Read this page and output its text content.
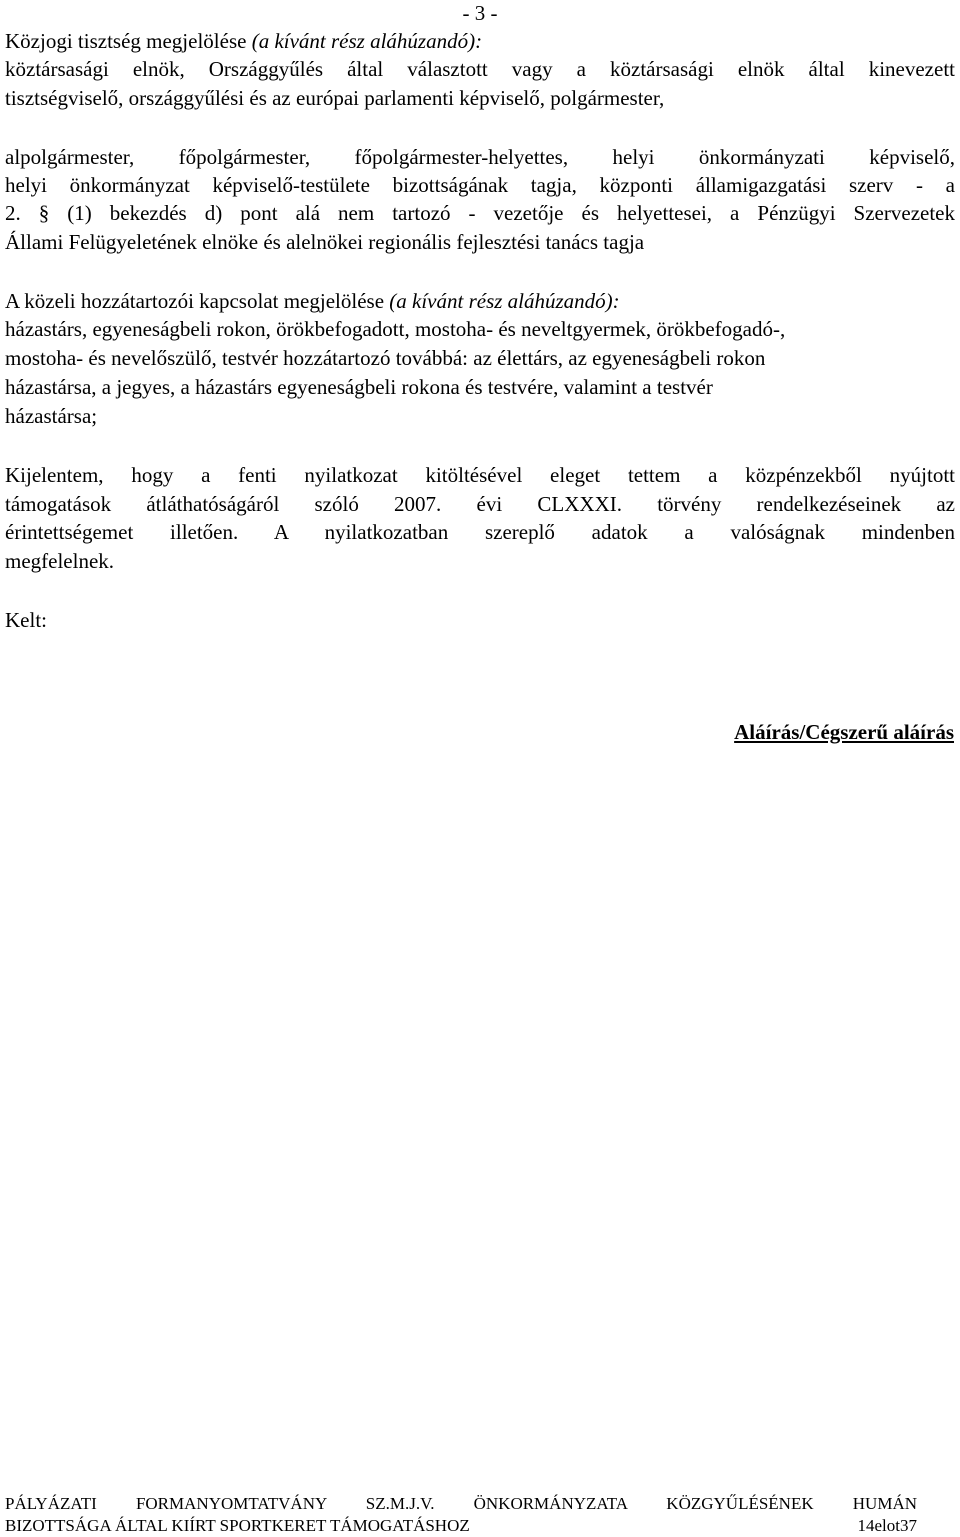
- 3 -
Közjogi tisztség megjelölése (a kívánt rész aláhúzandó):
köztársasági elnök, Országgyűlés által választott vagy a köztársasági elnök által kinevezett
tisztségviselő, országgyűlési és az európai parlamenti képviselő, polgármester,
alpolgármester, főpolgármester, főpolgármester-helyettes, helyi önkormányzati képviselő,
helyi önkormányzat képviselő-testülete bizottságának tagja, központi államigazgatási szerv - a
2. § (1) bekezdés d) pont alá nem tartozó - vezetője és helyettesei, a Pénzügyi Szervezetek
Állami Felügyeletének elnöke és alelnökei regionális fejlesztési tanács tagja
A közeli hozzátartozói kapcsolat megjelölése (a kívánt rész aláhúzandó):
házastárs, egyeneságbeli rokon, örökbefogadott, mostoha- és neveltgyermek, örökbefogadó-,
mostoha- és nevelőszülő, testvér hozzátartozó továbbá: az élettárs, az egyeneságbeli rokon
házastársa, a jegyes, a házastárs egyeneságbeli rokona és testvére, valamint a testvér
házastársa;
Kijelentem, hogy a fenti nyilatkozat kitöltésével eleget tettem a közpénzekből nyújtott
támogatások átláthatóságáról szóló 2007. évi CLXXXI. törvény rendelkezéseinek az
érintettségemet illetően. A nyilatkozatban szereplő adatok a valóságnak mindenben
megfelelnek.
Kelt:
Aláírás/Cégszerű aláírás
PÁLYÁZATI FORMANYOMTATVÁNY SZ.M.J.V. ÖNKORMÁNYZATA KÖZGYŰLÉSÉNEK HUMÁN
BIZOTTSÁGA ÁLTAL KIÍRT SPORTKERET TÁMOGATÁSHOZ	14elot37
